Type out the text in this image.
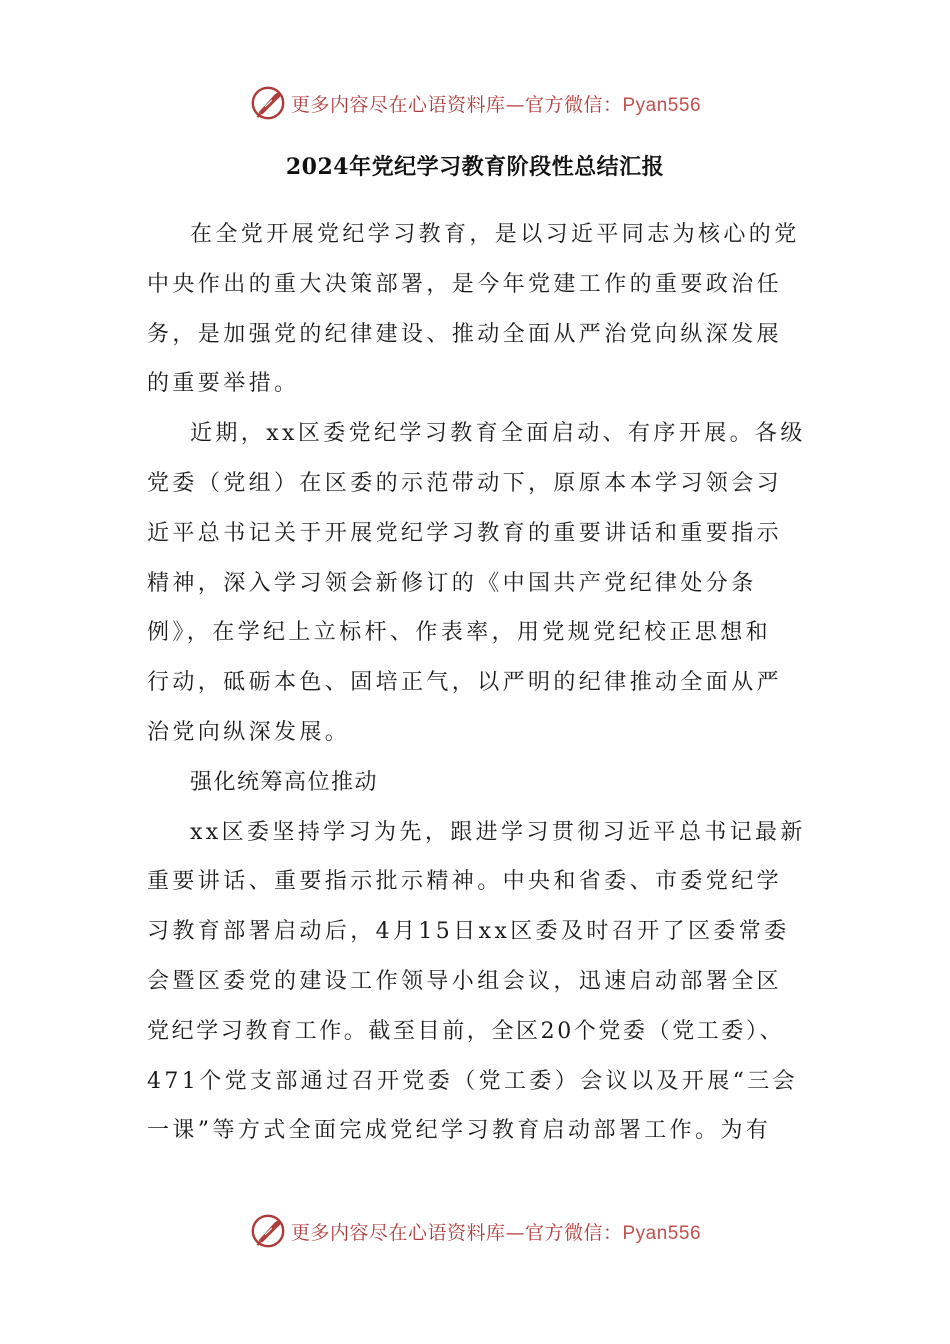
更多内容尽在心语资料库—官方微信：Pyan556
2024年党纪学习教育阶段性总结汇报
在全党开展党纪学习教育，是以习近平同志为核心的党
中央作出的重大决策部署，是今年党建工作的重要政治任
务，是加强党的纪律建设、推动全面从严治党向纵深发展
的重要举措。
近期，xx区委党纪学习教育全面启动、有序开展。各级
党委（党组）在区委的示范带动下，原原本本学习领会习
近平总书记关于开展党纪学习教育的重要讲话和重要指示
精神，深入学习领会新修订的《中国共产党纪律处分条
例》，在学纪上立标杆、作表率，用党规党纪校正思想和
行动，砥砺本色、固培正气，以严明的纪律推动全面从严
治党向纵深发展。
强化统筹高位推动
xx区委坚持学习为先，跟进学习贯彻习近平总书记最新
重要讲话、重要指示批示精神。中央和省委、市委党纪学
习教育部署启动后，4月15日xx区委及时召开了区委常委
会暨区委党的建设工作领导小组会议，迅速启动部署全区
党纪学习教育工作。截至目前，全区20个党委（党工委）、
471个党支部通过召开党委（党工委）会议以及开展“三会
一课”等方式全面完成党纪学习教育启动部署工作。为有
更多内容尽在心语资料库—官方微信：Pyan556
